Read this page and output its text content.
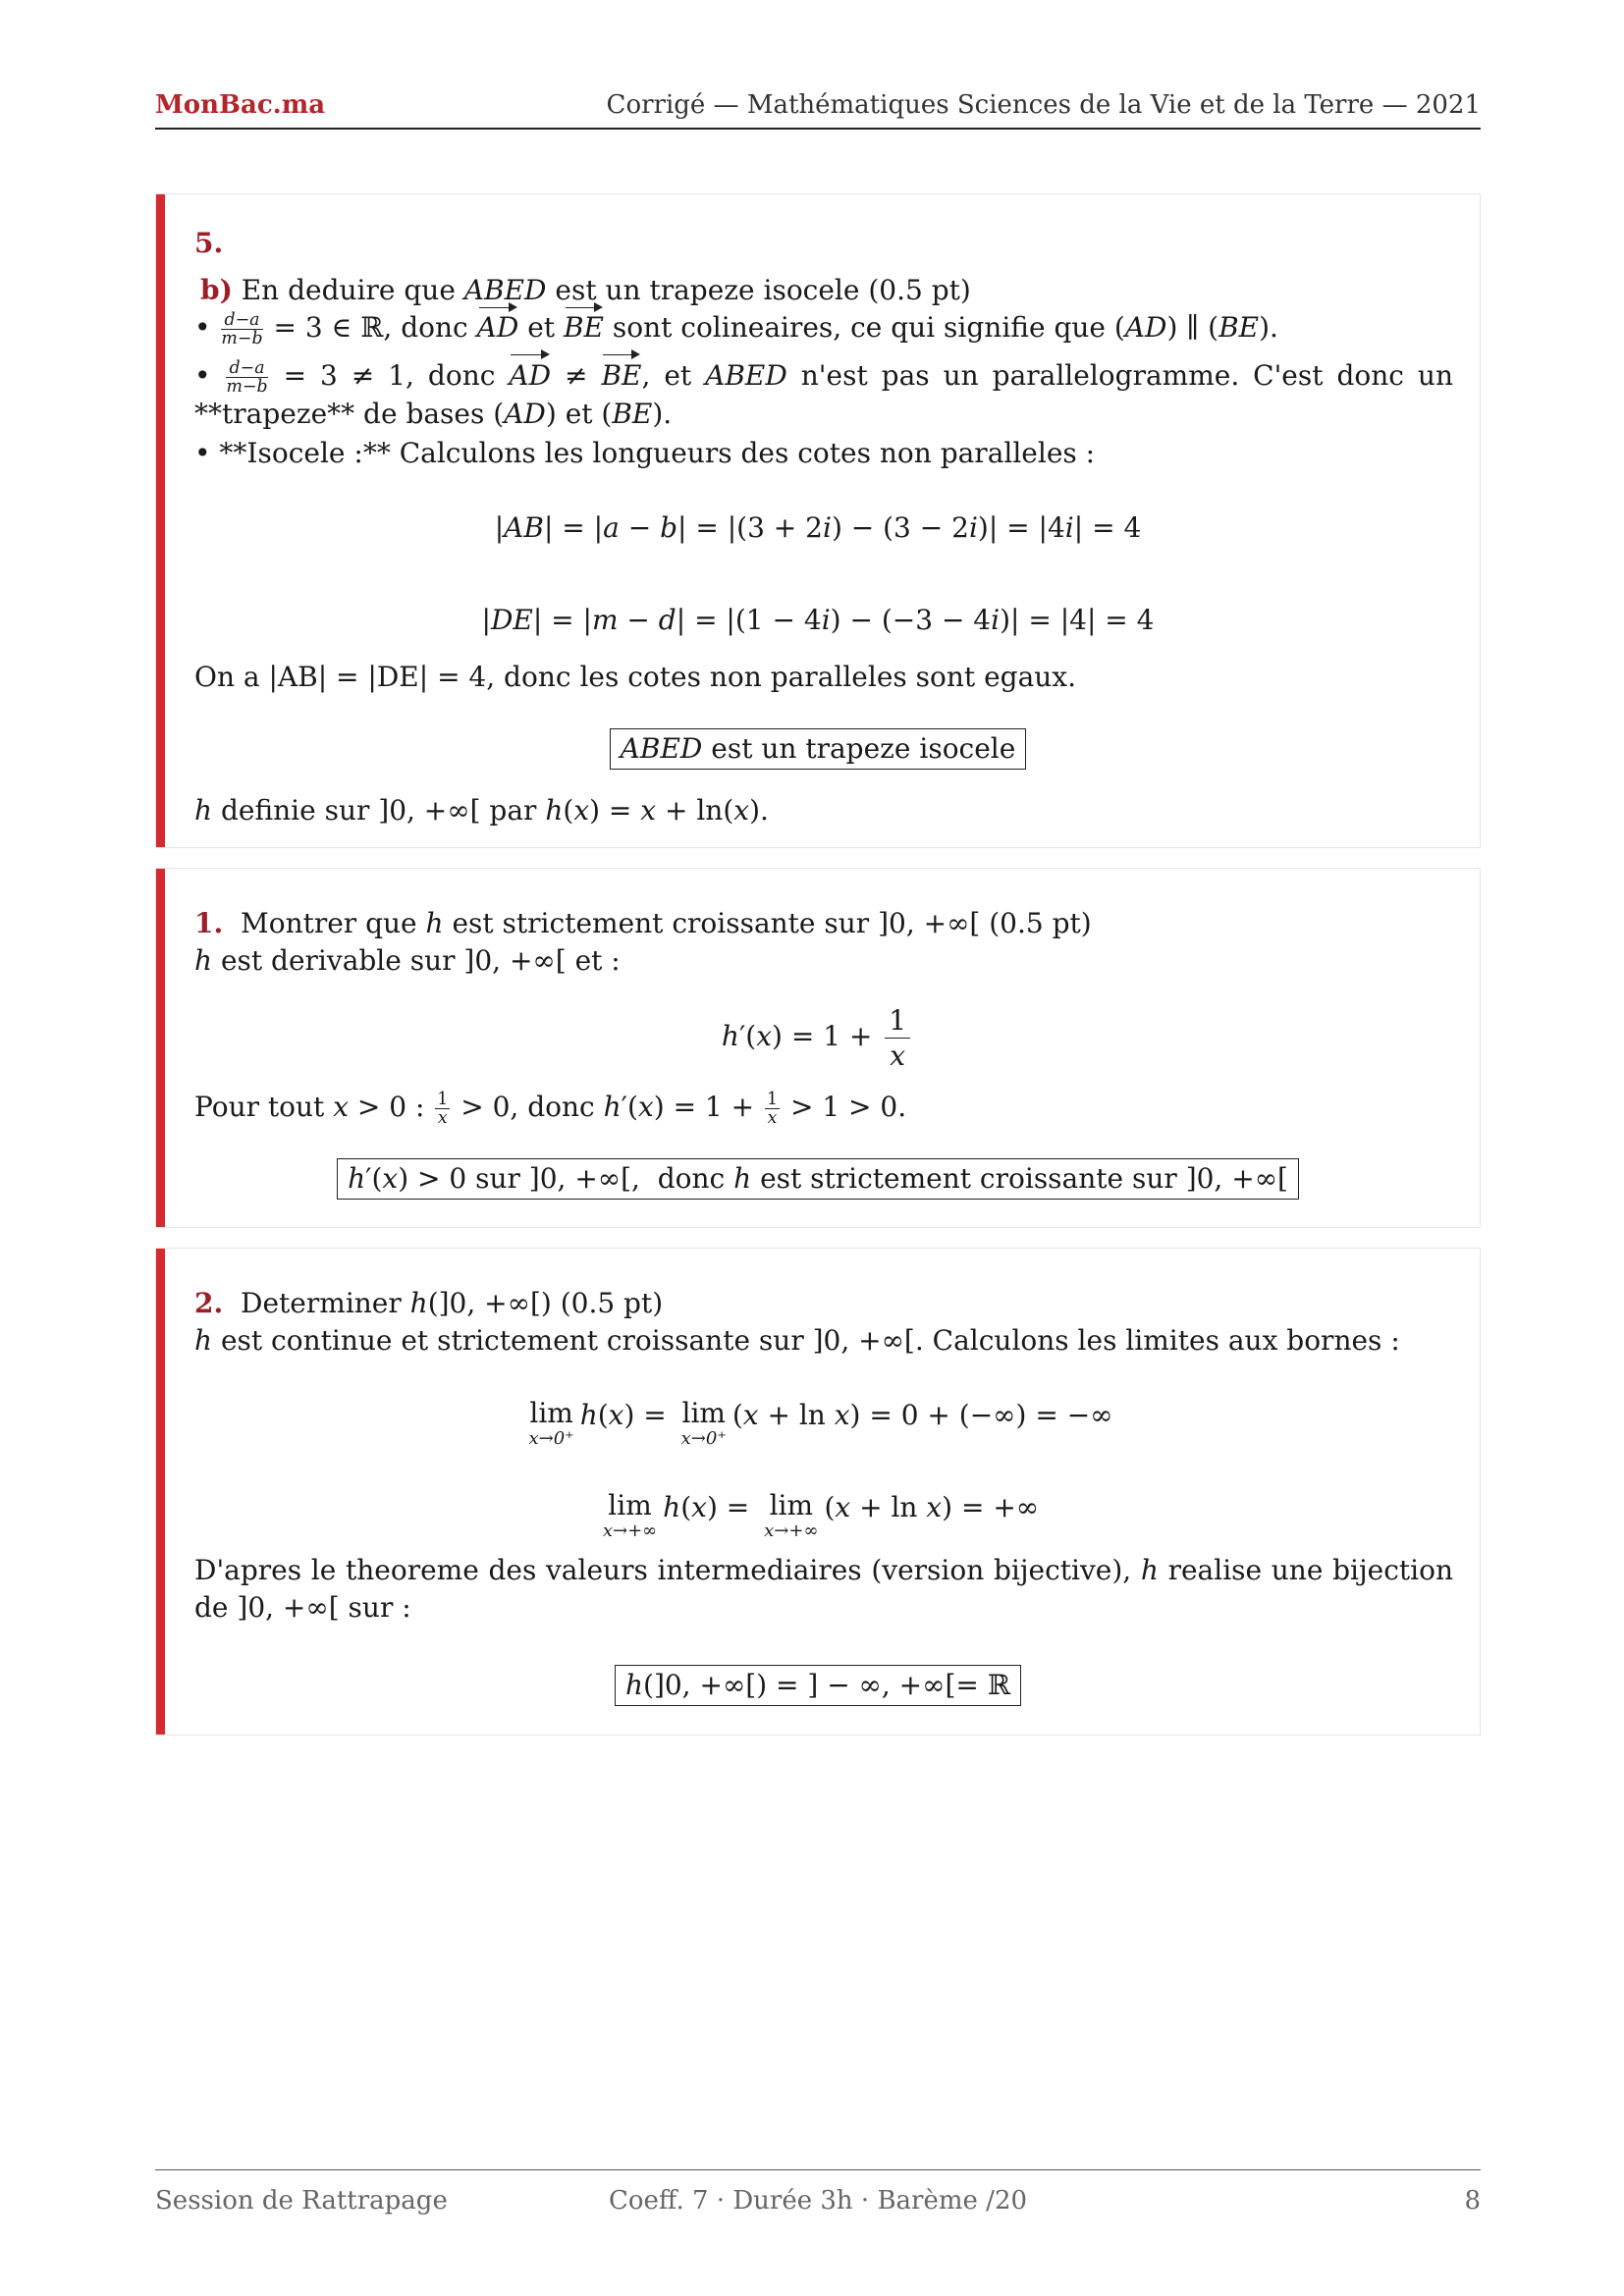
MonBac.ma	Corrigé — Mathématiques Sciences de la Vie et de la Terre — 2021
5.
b) En deduire que ABED est un trapeze isocele (0.5 pt)
• $\frac{d-a}{m-b} = 3$ ∈ ℝ, donc AD et BE sont colineaires, ce qui signifie que (AD) ∥ (BE).
• $\frac{d-a}{m-b} = 3 \ne 1$, donc AD ≠ BE, et ABED n'est pas un parallelogramme. C'est donc un **trapeze** de bases (AD) et (BE).
• **Isocele :** Calculons les longueurs des cotes non paralleles :
|AB| = |a − b| = |(3 + 2i) − (3 − 2i)| = |4i| = 4
|DE| = |m − d| = |(1 − 4i) − (−3 − 4i)| = |4| = 4
On a |AB| = |DE| = 4, donc les cotes non paralleles sont egaux.
ABED est un trapeze isocele
h definie sur ]0, +∞[ par h(x) = x + ln(x).
1.  Montrer que h est strictement croissante sur ]0, +∞[ (0.5 pt)
h est derivable sur ]0, +∞[ et :
$h'(x) = 1 + \frac{1}{x}$
Pour tout x > 0 : $\frac{1}{x} > 0$, donc $h'(x) = 1 + \frac{1}{x} > 1 > 0$.
h′(x) > 0 sur ]0, +∞[,  donc h est strictement croissante sur ]0, +∞[
2.  Determiner h(]0, +∞[) (0.5 pt)
h est continue et strictement croissante sur ]0, +∞[. Calculons les limites aux bornes :
lim
x→0⁺
h(x) = lim
x→0⁺
(x + ln x) = 0 + (−∞) = −∞
lim
x→+∞
h(x) = lim
x→+∞
(x + ln x) = +∞
D'apres le theoreme des valeurs intermediaires (version bijective), h realise une bijection de ]0, +∞[ sur :
h(]0, +∞[) = ] − ∞, +∞[= ℝ
Session de Rattrapage	Coeff. 7 · Durée 3h · Barème /20	8
